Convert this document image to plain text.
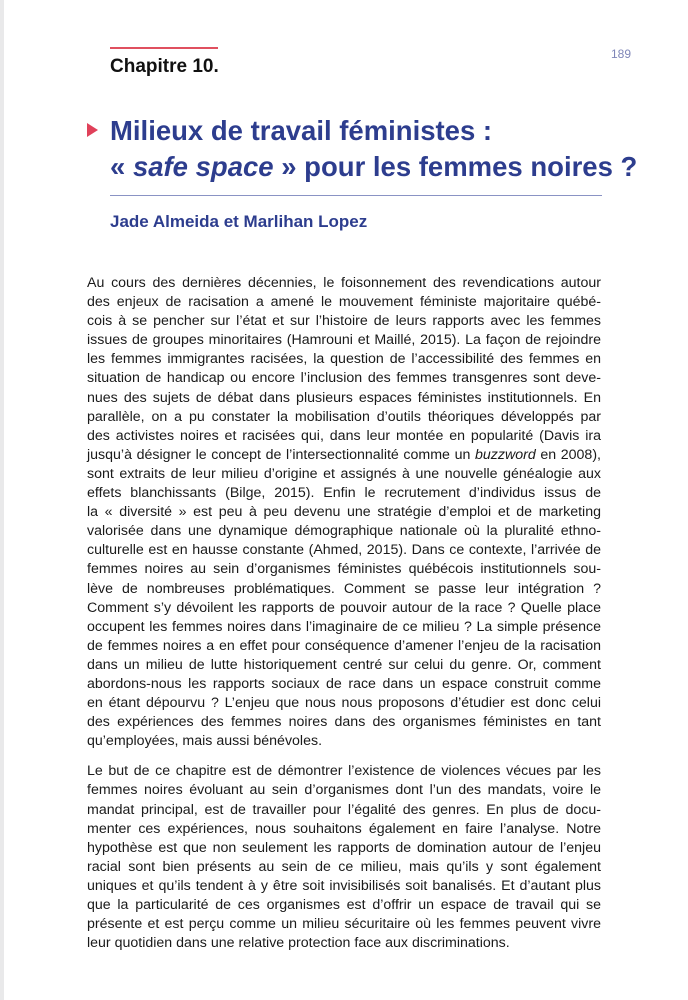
Chapitre 10.
189
Milieux de travail féministes :
« safe space » pour les femmes noires ?
Jade Almeida et Marlihan Lopez
Au cours des dernières décennies, le foisonnement des revendications autour
des enjeux de racisation a amené le mouvement féministe majoritaire québé-
cois à se pencher sur l’état et sur l’histoire de leurs rapports avec les femmes
issues de groupes minoritaires (Hamrouni et Maillé, 2015). La façon de rejoindre
les femmes immigrantes racisées, la question de l’accessibilité des femmes en
situation de handicap ou encore l’inclusion des femmes transgenres sont deve-
nues des sujets de débat dans plusieurs espaces féministes institutionnels. En
parallèle, on a pu constater la mobilisation d’outils théoriques développés par
des activistes noires et racisées qui, dans leur montée en popularité (Davis ira
jusqu’à désigner le concept de l’intersectionnalité comme un buzzword en 2008),
sont extraits de leur milieu d’origine et assignés à une nouvelle généalogie aux
effets blanchissants (Bilge, 2015). Enfin le recrutement d’individus issus de
la « diversité » est peu à peu devenu une stratégie d’emploi et de marketing
valorisée dans une dynamique démographique nationale où la pluralité ethno-
culturelle est en hausse constante (Ahmed, 2015). Dans ce contexte, l’arrivée de
femmes noires au sein d’organismes féministes québécois institutionnels sou-
lève de nombreuses problématiques. Comment se passe leur intégration ?
Comment s’y dévoilent les rapports de pouvoir autour de la race ? Quelle place
occupent les femmes noires dans l’imaginaire de ce milieu ? La simple présence
de femmes noires a en effet pour conséquence d’amener l’enjeu de la racisation
dans un milieu de lutte historiquement centré sur celui du genre. Or, comment
abordons-nous les rapports sociaux de race dans un espace construit comme
en étant dépourvu ? L’enjeu que nous nous proposons d’étudier est donc celui
des expériences des femmes noires dans des organismes féministes en tant
qu’employées, mais aussi bénévoles.
Le but de ce chapitre est de démontrer l’existence de violences vécues par les
femmes noires évoluant au sein d’organismes dont l’un des mandats, voire le
mandat principal, est de travailler pour l’égalité des genres. En plus de docu-
menter ces expériences, nous souhaitons également en faire l’analyse. Notre
hypothèse est que non seulement les rapports de domination autour de l’enjeu
racial sont bien présents au sein de ce milieu, mais qu’ils y sont également
uniques et qu’ils tendent à y être soit invisibilisés soit banalisés. Et d’autant plus
que la particularité de ces organismes est d’offrir un espace de travail qui se
présente et est perçu comme un milieu sécuritaire où les femmes peuvent vivre
leur quotidien dans une relative protection face aux discriminations.
